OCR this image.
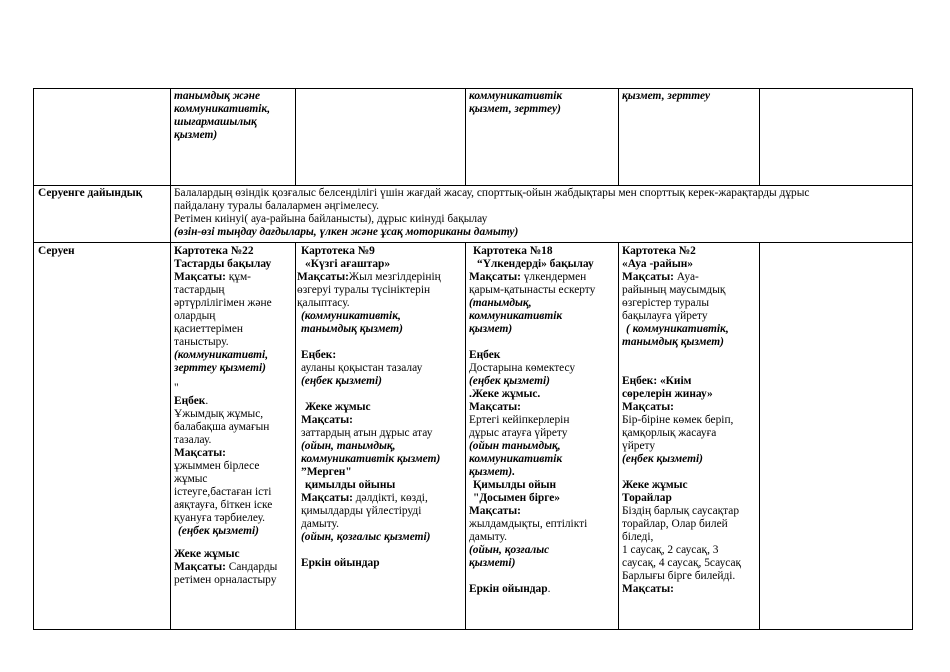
танымдық және

коммуникативтік,

шығармашылық

қызмет)

коммуникативтік

қызмет, зерттеу)

қызмет, зерттеу

Серуенге дайындық	Балалардың өзіндік қозғалыс белсенділігі үшін жағдай жасау, спорттық-ойын жабдықтары мен спорттық керек-жарақтарды дұрыс

пайдалану туралы балалармен әңгімелесу.

Ретімен киінуі( ауа-райына байланысты), дұрыс киінуді бақылау

(өзін-өзі тыңдау дағдылары, үлкен және ұсақ моториканы дамыту)

Серуен	Картотекa №22

Тастарды бақылау

Мақсаты: құм-

тастардың

әртүрлілігімен және

олардың

қасиеттерімен

таныстыру.

(коммуникативті,

зерттеу қызметі)

"

Еңбек.

Ұжымдық жұмыс,

балабақша аумағын

тазалау.

Мақсаты:

ұжыммен бірлесе

жұмыс

істеугe,бастаған істі

аяқтауға, біткен іске

қуануға тәрбиелеу.

(еңбек қызметі)

Жеке жұмыс

Мақсаты: Сандарды

ретімен орналастыру

Картотекa №9

«Күзгі ағаштар»

Мақсаты:Жыл мезгілдерінің

өзгеруі туралы түсініктерін

қалыптасу.

(коммуникативтік,

танымдық қызмет)

Еңбек:

ауланы қоқыстан тазалау

(еңбек қызметі)

Жеке жұмыс

Мақсаты:

заттардың атын дұрыс атау

(ойын, танымдық,

коммуникативтік қызмет)

”Мерген"

қимылды ойыны

Мақсаты: дәлдікті, көзді,

қимылдарды үйлестіруді

дамыту.

(ойын, қозғалыс қызметі)

Еркін ойындар

Картотекa №18

“Үлкендерді» бақылау

Мақсаты: үлкендермен

қарым-қатынасты ескерту

(танымдық,

коммуникативтік

қызмет)

Еңбек

Достарына көмектесу

(еңбек қызметі)

.Жеке жұмыс.

Мақсаты:

Ертегі кейіпкерлерін

дұрыс атауға үйрету

(ойын танымдық,

коммуникативтік

қызмет).

Қимылды ойын

"Досымен бірге»

Мақсаты:

жылдамдықты, ептілікті

дамыту.

(ойын, қозғалыс

қызметі)

Еркін ойындар.

Картотекa №2

«Ауа -райын»

Мақсаты: Ауа-

райының маусымдық

өзгерістер туралы

бақылауға үйрету

( коммуникативтік,

танымдық қызмет)

Еңбек: «Киім

сөрелерін жинау»

Мақсаты:

Бір-біріне көмек беріп,

қамқорлық жасауға

үйрету

(еңбек қызметі)

Жеке жұмыс

Торайлар

Біздің барлық саусақтар

торайлар, Олар билей

біледі,

1 саусақ, 2 саусақ, 3

саусақ, 4 саусақ, 5саусақ

Барлығы бірге билейді.

Мақсаты:
